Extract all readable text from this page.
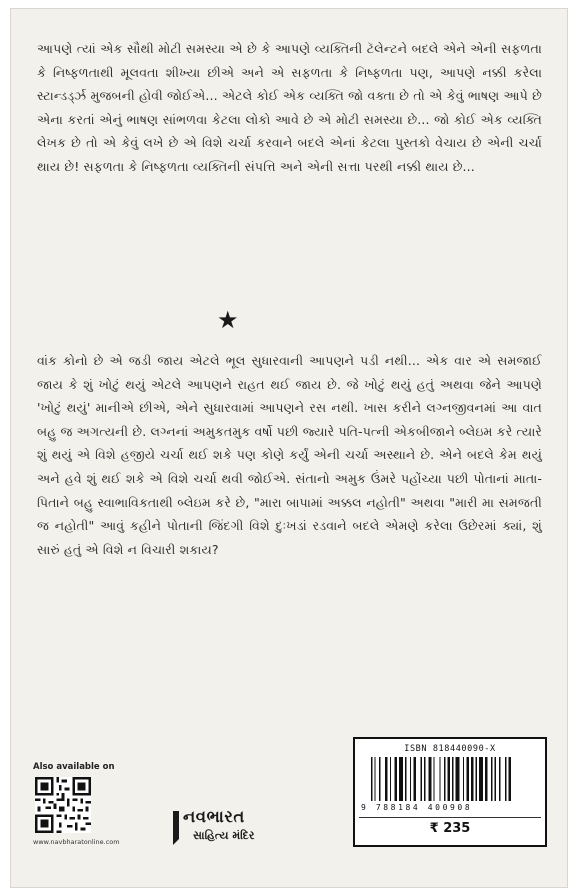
આપણે ત્યાં એક સૌથી મોટી સમસ્યા એ છે કે આપણે વ્યક્તિની ટૅલેન્ટને બદલે એને એની સફળતા કે નિષ્ફળતાથી મૂલવતા શીખ્યા છીએ અને એ સફળતા કે નિષ્ફળતા પણ, આપણે નક્કી કરેલા સ્ટાન્ડર્ડ્ઝ મુજબની હોવી જોઈએ... એટલે કોઈ એક વ્યક્તિ જો વક્તા છે તો એ કેવું ભાષણ આપે છે એના કરતાં એનું ભાષણ સાંભળવા કેટલા લોકો આવે છે એ મોટી સમસ્યા છે... જો કોઈ એક વ્યક્તિ લેખક છે તો એ કેવું લખે છે એ વિશે ચર્ચા કરવાને બદલે એનાં કેટલા પુસ્તકો વેચાય છે એની ચર્ચા થાય છે! સફળતા કે નિષ્ફળતા વ્યક્તિની સંપત્તિ અને એની સત્તા પરથી નક્કી થાય છે...

★

વાંક કોનો છે એ જડી જાય એટલે ભૂલ સુધારવાની આપણને પડી નથી... એક વાર એ સમજાઈ જાય કે શું ખોટું થયું એટલે આપણને રાહત થઈ જાય છે. જે ખોટું થયું હતું અથવા જેને આપણે 'ખોટું થયું' માનીએ છીએ, એને સુધારવામાં આપણને રસ નથી. ખાસ કરીને લગ્નજીવનમાં આ વાત બહુ જ અગત્યની છે. લગ્નનાં અમુકતમુક વર્ષો પછી જ્યારે પતિ-પત્ની એકબીજાને બ્લેઇમ કરે ત્યારે શું થયું એ વિશે હજીયે ચર્ચા થઈ શકે પણ કોણે કર્યું એની ચર્ચા અસ્થાને છે. એને બદલે કેમ થયું અને હવે શું થઈ શકે એ વિશે ચર્ચા થવી જોઈએ. સંતાનો અમુક ઉંમરે પહોંચ્યા પછી પોતાનાં માતા-પિતાને બહુ સ્વાભાવિકતાથી બ્લેઇમ કરે છે, "મારા બાપામાં અક્કલ નહોતી" અથવા "મારી મા સમજતી જ નહોતી" આવું કહીને પોતાની જિંદગી વિશે દુઃખડાં રડવાને બદલે એમણે કરેલા ઉછેરમાં ક્યાં, શું સારું હતું એ વિશે ન વિચારી શકાય?

Also available on
www.navbharatonline.com
નવભારત
સાહિત્ય મંદિર
ISBN 818440090-X
9 788184 400908
₹ 235
